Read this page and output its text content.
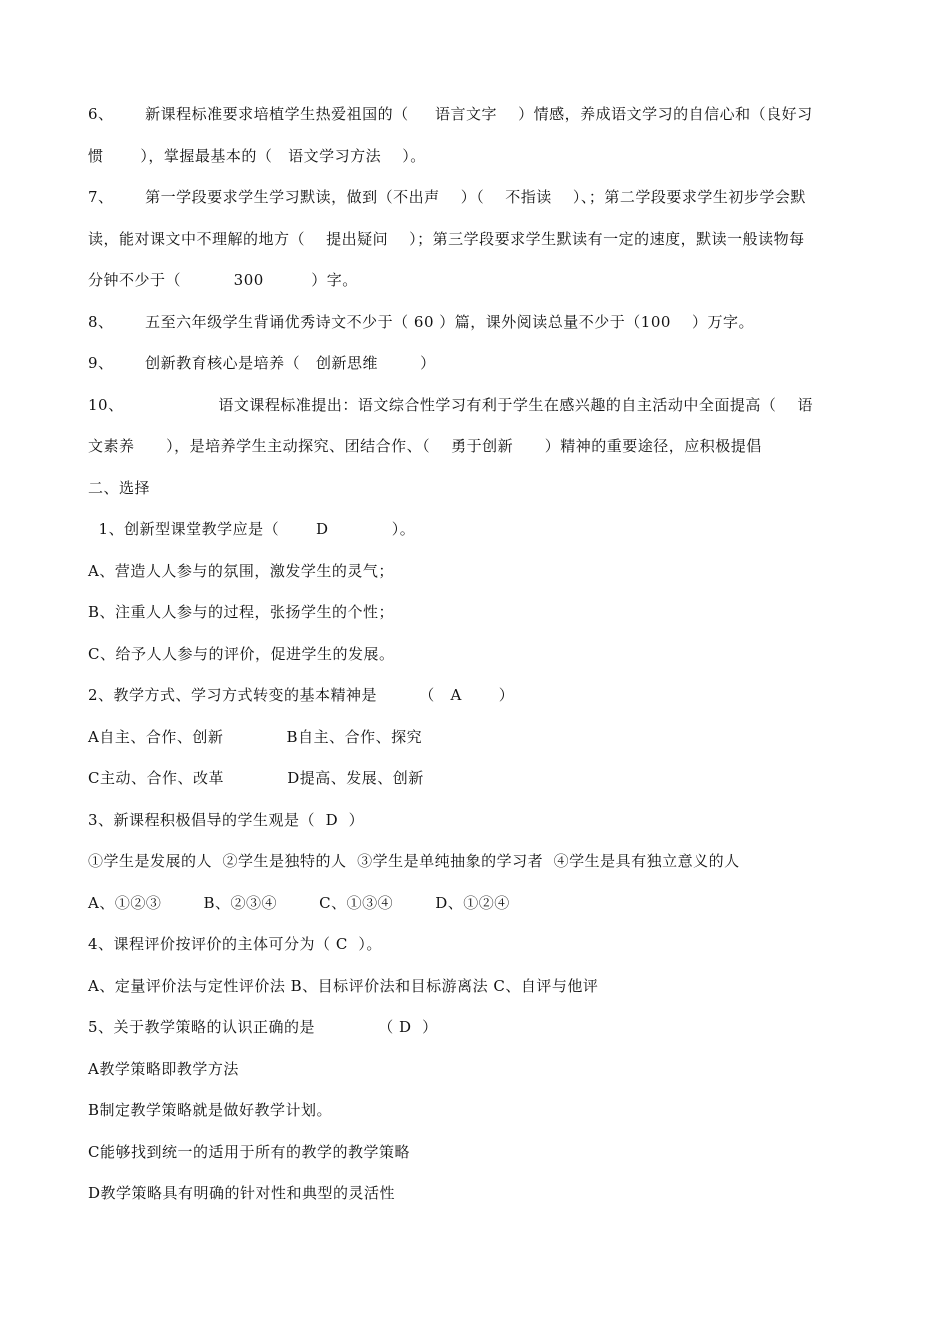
6、      新课程标准要求培植学生热爱祖国的（     语言文字    ）情感，养成语文学习的自信心和（良好习
惯       ），掌握最基本的（   语文学习方法    ）。
7、      第一学段要求学生学习默读，做到（不出声    ）（    不指读    ）、；第二学段要求学生初步学会默
读，能对课文中不理解的地方（    提出疑问    ）；第三学段要求学生默读有一定的速度，默读一般读物每
分钟不少于（          300         ）字。
8、      五至六年级学生背诵优秀诗文不少于（ 60 ）篇，课外阅读总量不少于（100    ）万字。
9、      创新教育核心是培养（   创新思维        ）
10、                  语文课程标准提出：语文综合性学习有利于学生在感兴趣的自主活动中全面提高（    语
文素养      ），是培养学生主动探究、团结合作、（    勇于创新      ）精神的重要途径，应积极提倡
二、选择
1、创新型课堂教学应是（       D            ）。
A、营造人人参与的氛围，激发学生的灵气；
B、注重人人参与的过程，张扬学生的个性；
C、给予人人参与的评价，促进学生的发展。
2、教学方式、学习方式转变的基本精神是        （   A       ）
A自主、合作、创新            B自主、合作、探究
C主动、合作、改革            D提高、发展、创新
3、新课程积极倡导的学生观是（  D  ）
①学生是发展的人  ②学生是独特的人  ③学生是单纯抽象的学习者  ④学生是具有独立意义的人
A、①②③        B、②③④        C、①③④        D、①②④
4、课程评价按评价的主体可分为（ C  ）。
A、定量评价法与定性评价法 B、目标评价法和目标游离法 C、自评与他评
5、关于教学策略的认识正确的是            （ D  ）
A教学策略即教学方法
B制定教学策略就是做好教学计划。
C能够找到统一的适用于所有的教学的教学策略
D教学策略具有明确的针对性和典型的灵活性
